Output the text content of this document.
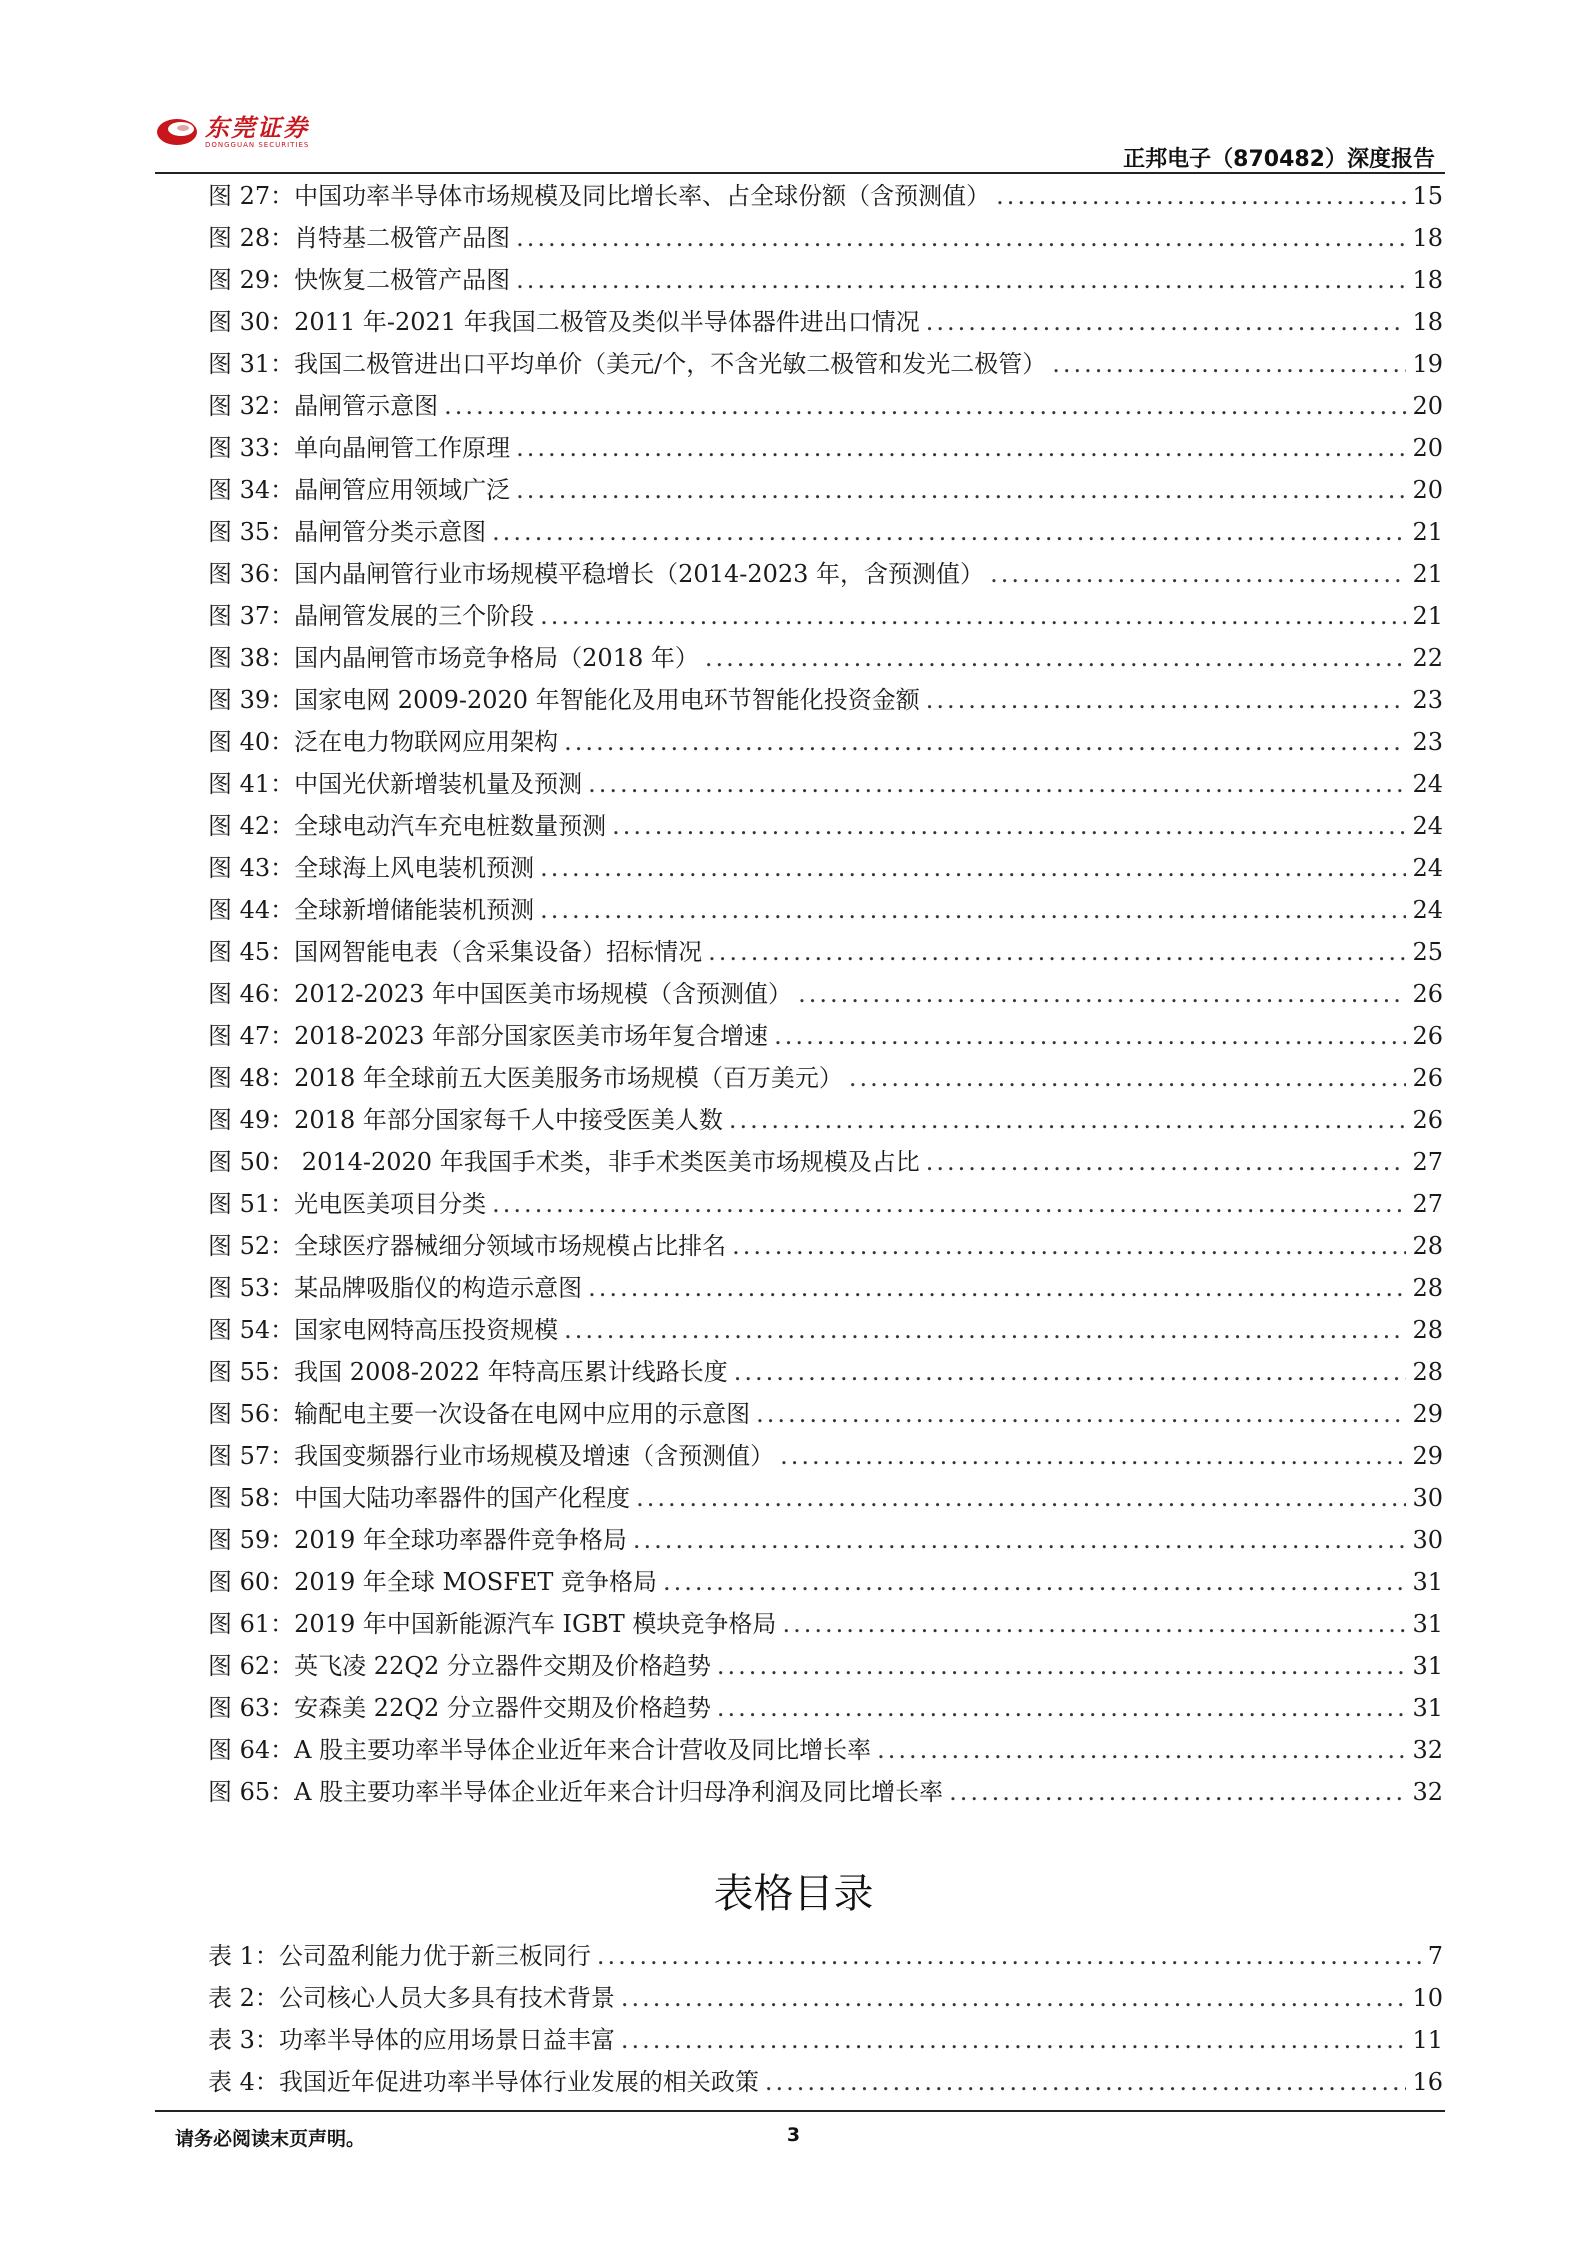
东莞证券
DONGGUAN SECURITIES
正邦电子（870482）深度报告
图 27：中国功率半导体市场规模及同比增长率、占全球份额（含预测值） .....	15
图 28：肖特基二极管产品图 .....	18
图 29：快恢复二极管产品图 .....	18
图 30：2011 年-2021 年我国二极管及类似半导体器件进出口情况 .....	18
图 31：我国二极管进出口平均单价（美元/个，不含光敏二极管和发光二极管） .....	19
图 32：晶闸管示意图 .....	20
图 33：单向晶闸管工作原理 .....	20
图 34：晶闸管应用领域广泛 .....	20
图 35：晶闸管分类示意图 .....	21
图 36：国内晶闸管行业市场规模平稳增长（2014-2023 年，含预测值） .....	21
图 37：晶闸管发展的三个阶段 .....	21
图 38：国内晶闸管市场竞争格局（2018 年） .....	22
图 39：国家电网 2009-2020 年智能化及用电环节智能化投资金额 .....	23
图 40：泛在电力物联网应用架构 .....	23
图 41：中国光伏新增装机量及预测 .....	24
图 42：全球电动汽车充电桩数量预测 .....	24
图 43：全球海上风电装机预测 .....	24
图 44：全球新增储能装机预测 .....	24
图 45：国网智能电表（含采集设备）招标情况 .....	25
图 46：2012-2023 年中国医美市场规模（含预测值） .....	26
图 47：2018-2023 年部分国家医美市场年复合增速 .....	26
图 48：2018 年全球前五大医美服务市场规模（百万美元） .....	26
图 49：2018 年部分国家每千人中接受医美人数 .....	26
图 50： 2014-2020 年我国手术类，非手术类医美市场规模及占比 .....	27
图 51：光电医美项目分类 .....	27
图 52：全球医疗器械细分领域市场规模占比排名 .....	28
图 53：某品牌吸脂仪的构造示意图 .....	28
图 54：国家电网特高压投资规模 .....	28
图 55：我国 2008-2022 年特高压累计线路长度 .....	28
图 56：输配电主要一次设备在电网中应用的示意图 .....	29
图 57：我国变频器行业市场规模及增速（含预测值） .....	29
图 58：中国大陆功率器件的国产化程度 .....	30
图 59：2019 年全球功率器件竞争格局 .....	30
图 60：2019 年全球 MOSFET 竞争格局 .....	31
图 61：2019 年中国新能源汽车 IGBT 模块竞争格局 .....	31
图 62：英飞凌 22Q2 分立器件交期及价格趋势 .....	31
图 63：安森美 22Q2 分立器件交期及价格趋势 .....	31
图 64：A 股主要功率半导体企业近年来合计营收及同比增长率 .....	32
图 65：A 股主要功率半导体企业近年来合计归母净利润及同比增长率 .....	32
表格目录
表 1：公司盈利能力优于新三板同行 .....	7
表 2：公司核心人员大多具有技术背景 .....	10
表 3：功率半导体的应用场景日益丰富 .....	11
表 4：我国近年促进功率半导体行业发展的相关政策 .....	16
请务必阅读末页声明。	3
